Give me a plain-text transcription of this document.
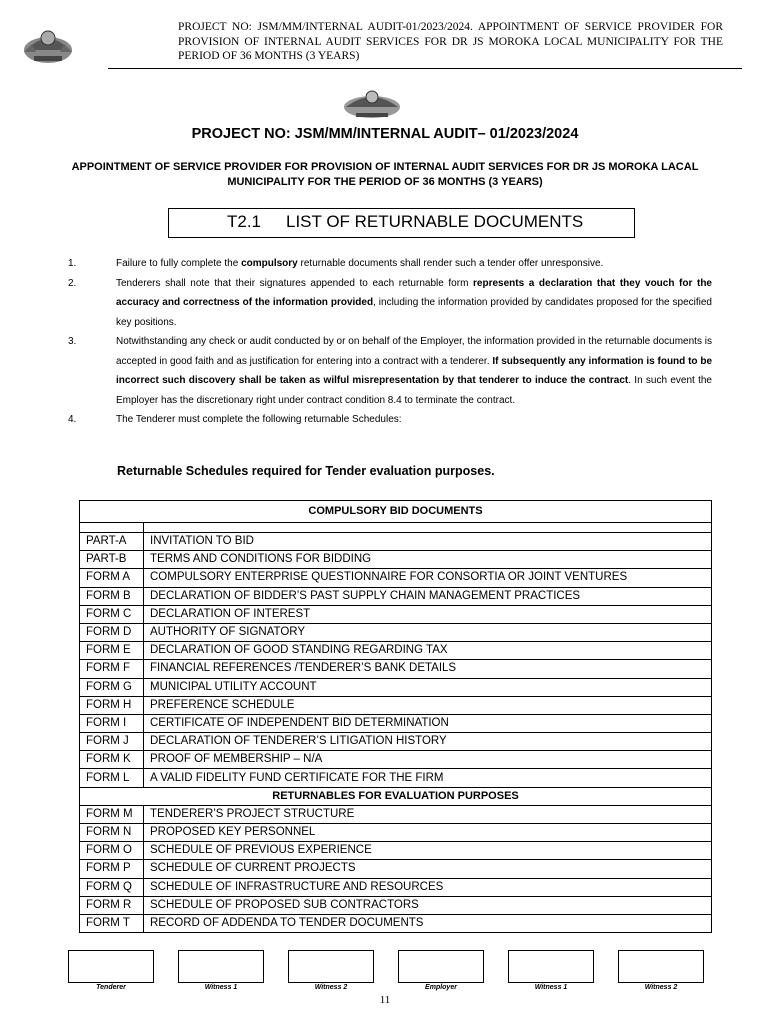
PROJECT NO: JSM/MM/INTERNAL AUDIT-01/2023/2024. APPOINTMENT OF SERVICE PROVIDER FOR PROVISION OF INTERNAL AUDIT SERVICES FOR DR JS MOROKA LOCAL MUNICIPALITY FOR THE PERIOD OF 36 MONTHS (3 YEARS)
PROJECT NO: JSM/MM/INTERNAL AUDIT– 01/2023/2024
APPOINTMENT OF SERVICE PROVIDER FOR PROVISION OF INTERNAL AUDIT SERVICES FOR DR JS MOROKA LACAL MUNICIPALITY FOR THE PERIOD OF 36 MONTHS (3 YEARS)
T2.1 LIST OF RETURNABLE DOCUMENTS
1.	Failure to fully complete the compulsory returnable documents shall render such a tender offer unresponsive.

2.	Tenderers shall note that their signatures appended to each returnable form represents a declaration that they vouch for the accuracy and correctness of the information provided, including the information provided by candidates proposed for the specified key positions.

3.	Notwithstanding any check or audit conducted by or on behalf of the Employer, the information provided in the returnable documents is accepted in good faith and as justification for entering into a contract with a tenderer. If subsequently any information is found to be incorrect such discovery shall be taken as wilful misrepresentation by that tenderer to induce the contract. In such event the Employer has the discretionary right under contract condition 8.4 to terminate the contract.

4.	The Tenderer must complete the following returnable Schedules:

Returnable Schedules required for Tender evaluation purposes.
COMPULSORY BID DOCUMENTS	

PART-A	INVITATION TO BID
PART-B	TERMS AND CONDITIONS FOR BIDDING
FORM A	COMPULSORY ENTERPRISE QUESTIONNAIRE FOR CONSORTIA OR JOINT VENTURES
FORM B	DECLARATION OF BIDDER’S PAST SUPPLY CHAIN MANAGEMENT PRACTICES
FORM C	DECLARATION OF INTEREST
FORM D	AUTHORITY OF SIGNATORY
FORM E	DECLARATION OF GOOD STANDING REGARDING TAX
FORM F	FINANCIAL REFERENCES /TENDERER’S BANK DETAILS
FORM G	MUNICIPAL UTILITY ACCOUNT
FORM H	PREFERENCE SCHEDULE
FORM I	CERTIFICATE OF INDEPENDENT BID DETERMINATION
FORM J	DECLARATION OF TENDERER’S LITIGATION HISTORY
FORM K	PROOF OF MEMBERSHIP – N/A
FORM L	A VALID FIDELITY FUND CERTIFICATE FOR THE FIRM
RETURNABLES FOR EVALUATION PURPOSES	
FORM M	TENDERER’S PROJECT STRUCTURE
FORM N	PROPOSED KEY PERSONNEL
FORM O	SCHEDULE OF PREVIOUS EXPERIENCE
FORM P	SCHEDULE OF CURRENT PROJECTS
FORM Q	SCHEDULE OF INFRASTRUCTURE AND RESOURCES
FORM R	SCHEDULE OF PROPOSED SUB CONTRACTORS
FORM T	RECORD OF ADDENDA TO TENDER DOCUMENTS
Tenderer	Witness 1	Witness 2	Employer	Witness 1	Witness 2
11
